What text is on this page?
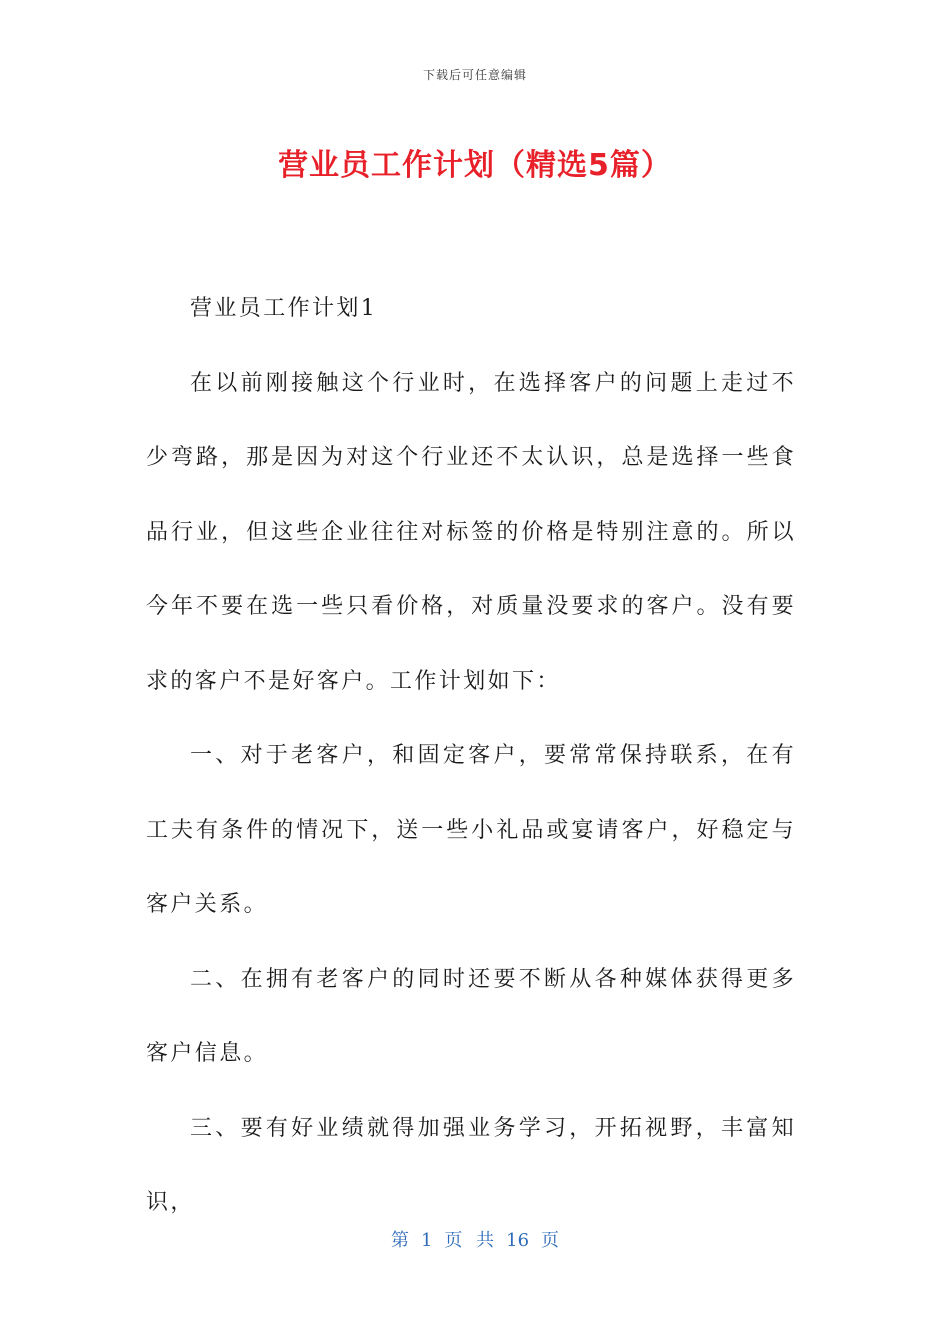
下载后可任意编辑
营业员工作计划（精选5篇）

营业员工作计划1

在以前刚接触这个行业时，在选择客户的问题上走过不少弯路，那是因为对这个行业还不太认识，总是选择一些食品行业，但这些企业往往对标签的价格是特别注意的。所以今年不要在选一些只看价格，对质量没要求的客户。没有要求的客户不是好客户。工作计划如下：

一、对于老客户，和固定客户，要常常保持联系，在有工夫有条件的情况下，送一些小礼品或宴请客户，好稳定与客户关系。

二、在拥有老客户的同时还要不断从各种媒体获得更多客户信息。

三、要有好业绩就得加强业务学习，开拓视野，丰富知识，

第 1 页 共 16 页
